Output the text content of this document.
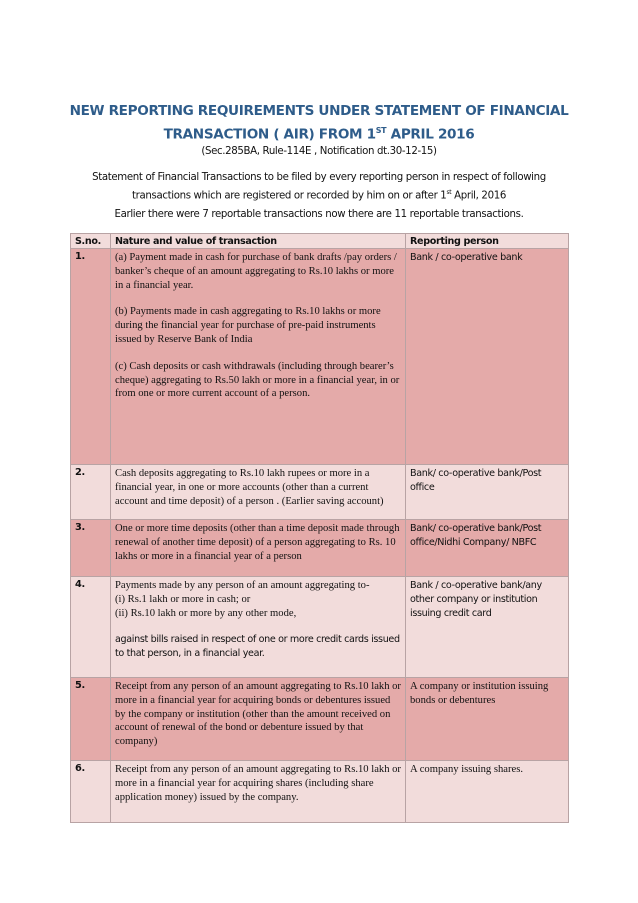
NEW REPORTING REQUIREMENTS UNDER STATEMENT OF FINANCIAL
TRANSACTION ( AIR) FROM 1ST APRIL 2016
(Sec.285BA, Rule-114E , Notification dt.30-12-15)
Statement of Financial Transactions to be filed by every reporting person in respect of following
transactions which are registered or recorded by him on or after 1st April, 2016
Earlier there were 7 reportable transactions now there are 11 reportable transactions.
S.no.	Nature and value of transaction	Reporting person
1.	(a) Payment made in cash for purchase of bank drafts /pay orders / banker’s cheque of an amount aggregating to Rs.10 lakhs or more in a financial year.
(b) Payments made in cash aggregating to Rs.10 lakhs or more during the financial year for purchase of pre-paid instruments issued by Reserve Bank of India
(c) Cash deposits or cash withdrawals (including through bearer’s cheque) aggregating to Rs.50 lakh or more in a financial year, in or from one or more current account of a person.	Bank / co-operative bank
2.	Cash deposits aggregating to Rs.10 lakh rupees or more in a financial year, in one or more accounts (other than a current account and time deposit) of a person . (Earlier saving account)	Bank/ co-operative bank/Post office
3.	One or more time deposits (other than a time deposit made through renewal of another time deposit) of a person aggregating to Rs. 10 lakhs or more in a financial year of a person	Bank/ co-operative bank/Post office/Nidhi Company/ NBFC
4.	Payments made by any person of an amount aggregating to-
(i) Rs.1 lakh or more in cash; or
(ii) Rs.10 lakh or more by any other mode,
against bills raised in respect of one or more credit cards issued to that person, in a financial year.	Bank / co-operative bank/any other company or institution issuing credit card
5.	Receipt from any person of an amount aggregating to Rs.10 lakh or more in a financial year for acquiring bonds or debentures issued by the company or institution (other than the amount received on account of renewal of the bond or debenture issued by that company)	A company or institution issuing bonds or debentures
6.	Receipt from any person of an amount aggregating to Rs.10 lakh or more in a financial year for acquiring shares (including share application money) issued by the company.	A company issuing shares.
